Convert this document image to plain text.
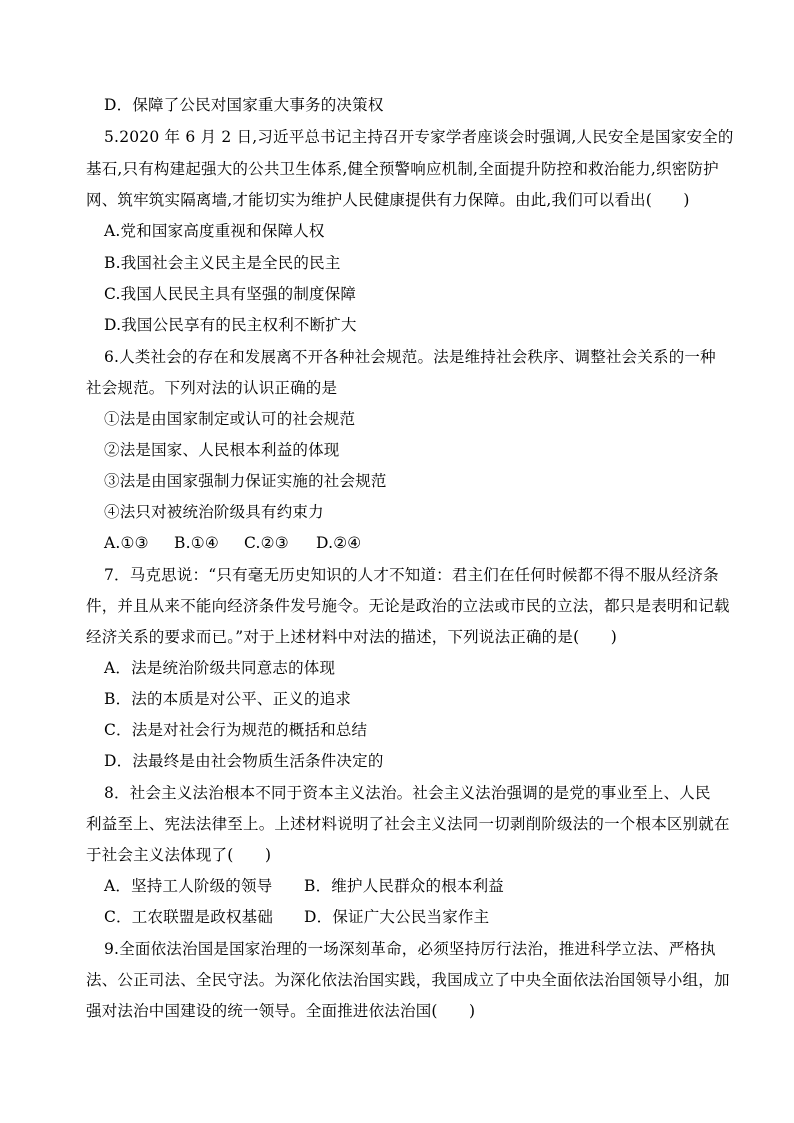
D．保障了公民对国家重大事务的决策权
5.2020 年 6 月 2 日,习近平总书记主持召开专家学者座谈会时强调,人民安全是国家安全的
基石,只有构建起强大的公共卫生体系,健全预警响应机制,全面提升防控和救治能力,织密防护
网、筑牢筑实隔离墙,才能切实为维护人民健康提供有力保障。由此,我们可以看出(　　)
A.党和国家高度重视和保障人权
B.我国社会主义民主是全民的民主
C.我国人民民主具有坚强的制度保障
D.我国公民享有的民主权利不断扩大
6.人类社会的存在和发展离不开各种社会规范。法是维持社会秩序、调整社会关系的一种
社会规范。下列对法的认识正确的是
①法是由国家制定或认可的社会规范
②法是国家、人民根本利益的体现
③法是由国家强制力保证实施的社会规范
④法只对被统治阶级具有约束力
A.①③ B.①④ C.②③ D.②④
7．马克思说：“只有毫无历史知识的人才不知道：君主们在任何时候都不得不服从经济条
件，并且从来不能向经济条件发号施令。无论是政治的立法或市民的立法，都只是表明和记载
经济关系的要求而已。”对于上述材料中对法的描述，下列说法正确的是(　　)
A．法是统治阶级共同意志的体现
B．法的本质是对公平、正义的追求
C．法是对社会行为规范的概括和总结
D．法最终是由社会物质生活条件决定的
8．社会主义法治根本不同于资本主义法治。社会主义法治强调的是党的事业至上、人民
利益至上、宪法法律至上。上述材料说明了社会主义法同一切剥削阶级法的一个根本区别就在
于社会主义法体现了(　　)
A．坚持工人阶级的领导 B．维护人民群众的根本利益
C．工农联盟是政权基础 D．保证广大公民当家作主
9.全面依法治国是国家治理的一场深刻革命，必须坚持厉行法治，推进科学立法、严格执
法、公正司法、全民守法。为深化依法治国实践，我国成立了中央全面依法治国领导小组，加
强对法治中国建设的统一领导。全面推进依法治国(　　)
